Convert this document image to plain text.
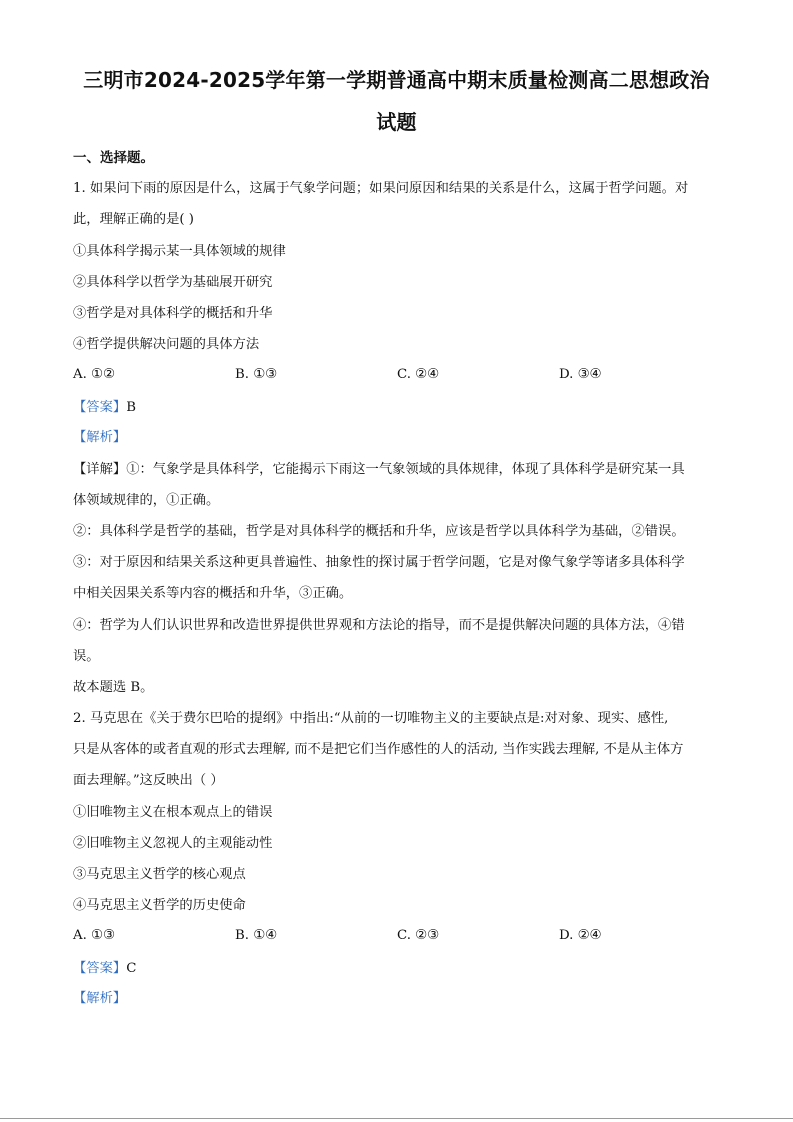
三明市2024-2025学年第一学期普通高中期末质量检测高二思想政治
试题
一、选择题。
1. 如果问下雨的原因是什么，这属于气象学问题；如果问原因和结果的关系是什么，这属于哲学问题。对
此，理解正确的是( )
①具体科学揭示某一具体领域的规律
②具体科学以哲学为基础展开研究
③哲学是对具体科学的概括和升华
④哲学提供解决问题的具体方法
A. ①②	B. ①③	C. ②④	D. ③④
【答案】B
【解析】
【详解】①：气象学是具体科学，它能揭示下雨这一气象领域的具体规律，体现了具体科学是研究某一具
体领域规律的，①正确。
②：具体科学是哲学的基础，哲学是对具体科学的概括和升华，应该是哲学以具体科学为基础，②错误。
③：对于原因和结果关系这种更具普遍性、抽象性的探讨属于哲学问题，它是对像气象学等诸多具体科学
中相关因果关系等内容的概括和升华，③正确。
④：哲学为人们认识世界和改造世界提供世界观和方法论的指导，而不是提供解决问题的具体方法，④错
误。
故本题选 B。
2. 马克思在《关于费尔巴哈的提纲》中指出:“从前的一切唯物主义的主要缺点是:对对象、现实、感性,
只是从客体的或者直观的形式去理解, 而不是把它们当作感性的人的活动, 当作实践去理解, 不是从主体方
面去理解。”这反映出（ ）
①旧唯物主义在根本观点上的错误
②旧唯物主义忽视人的主观能动性
③马克思主义哲学的核心观点
④马克思主义哲学的历史使命
A. ①③	B. ①④	C. ②③	D. ②④
【答案】C
【解析】
